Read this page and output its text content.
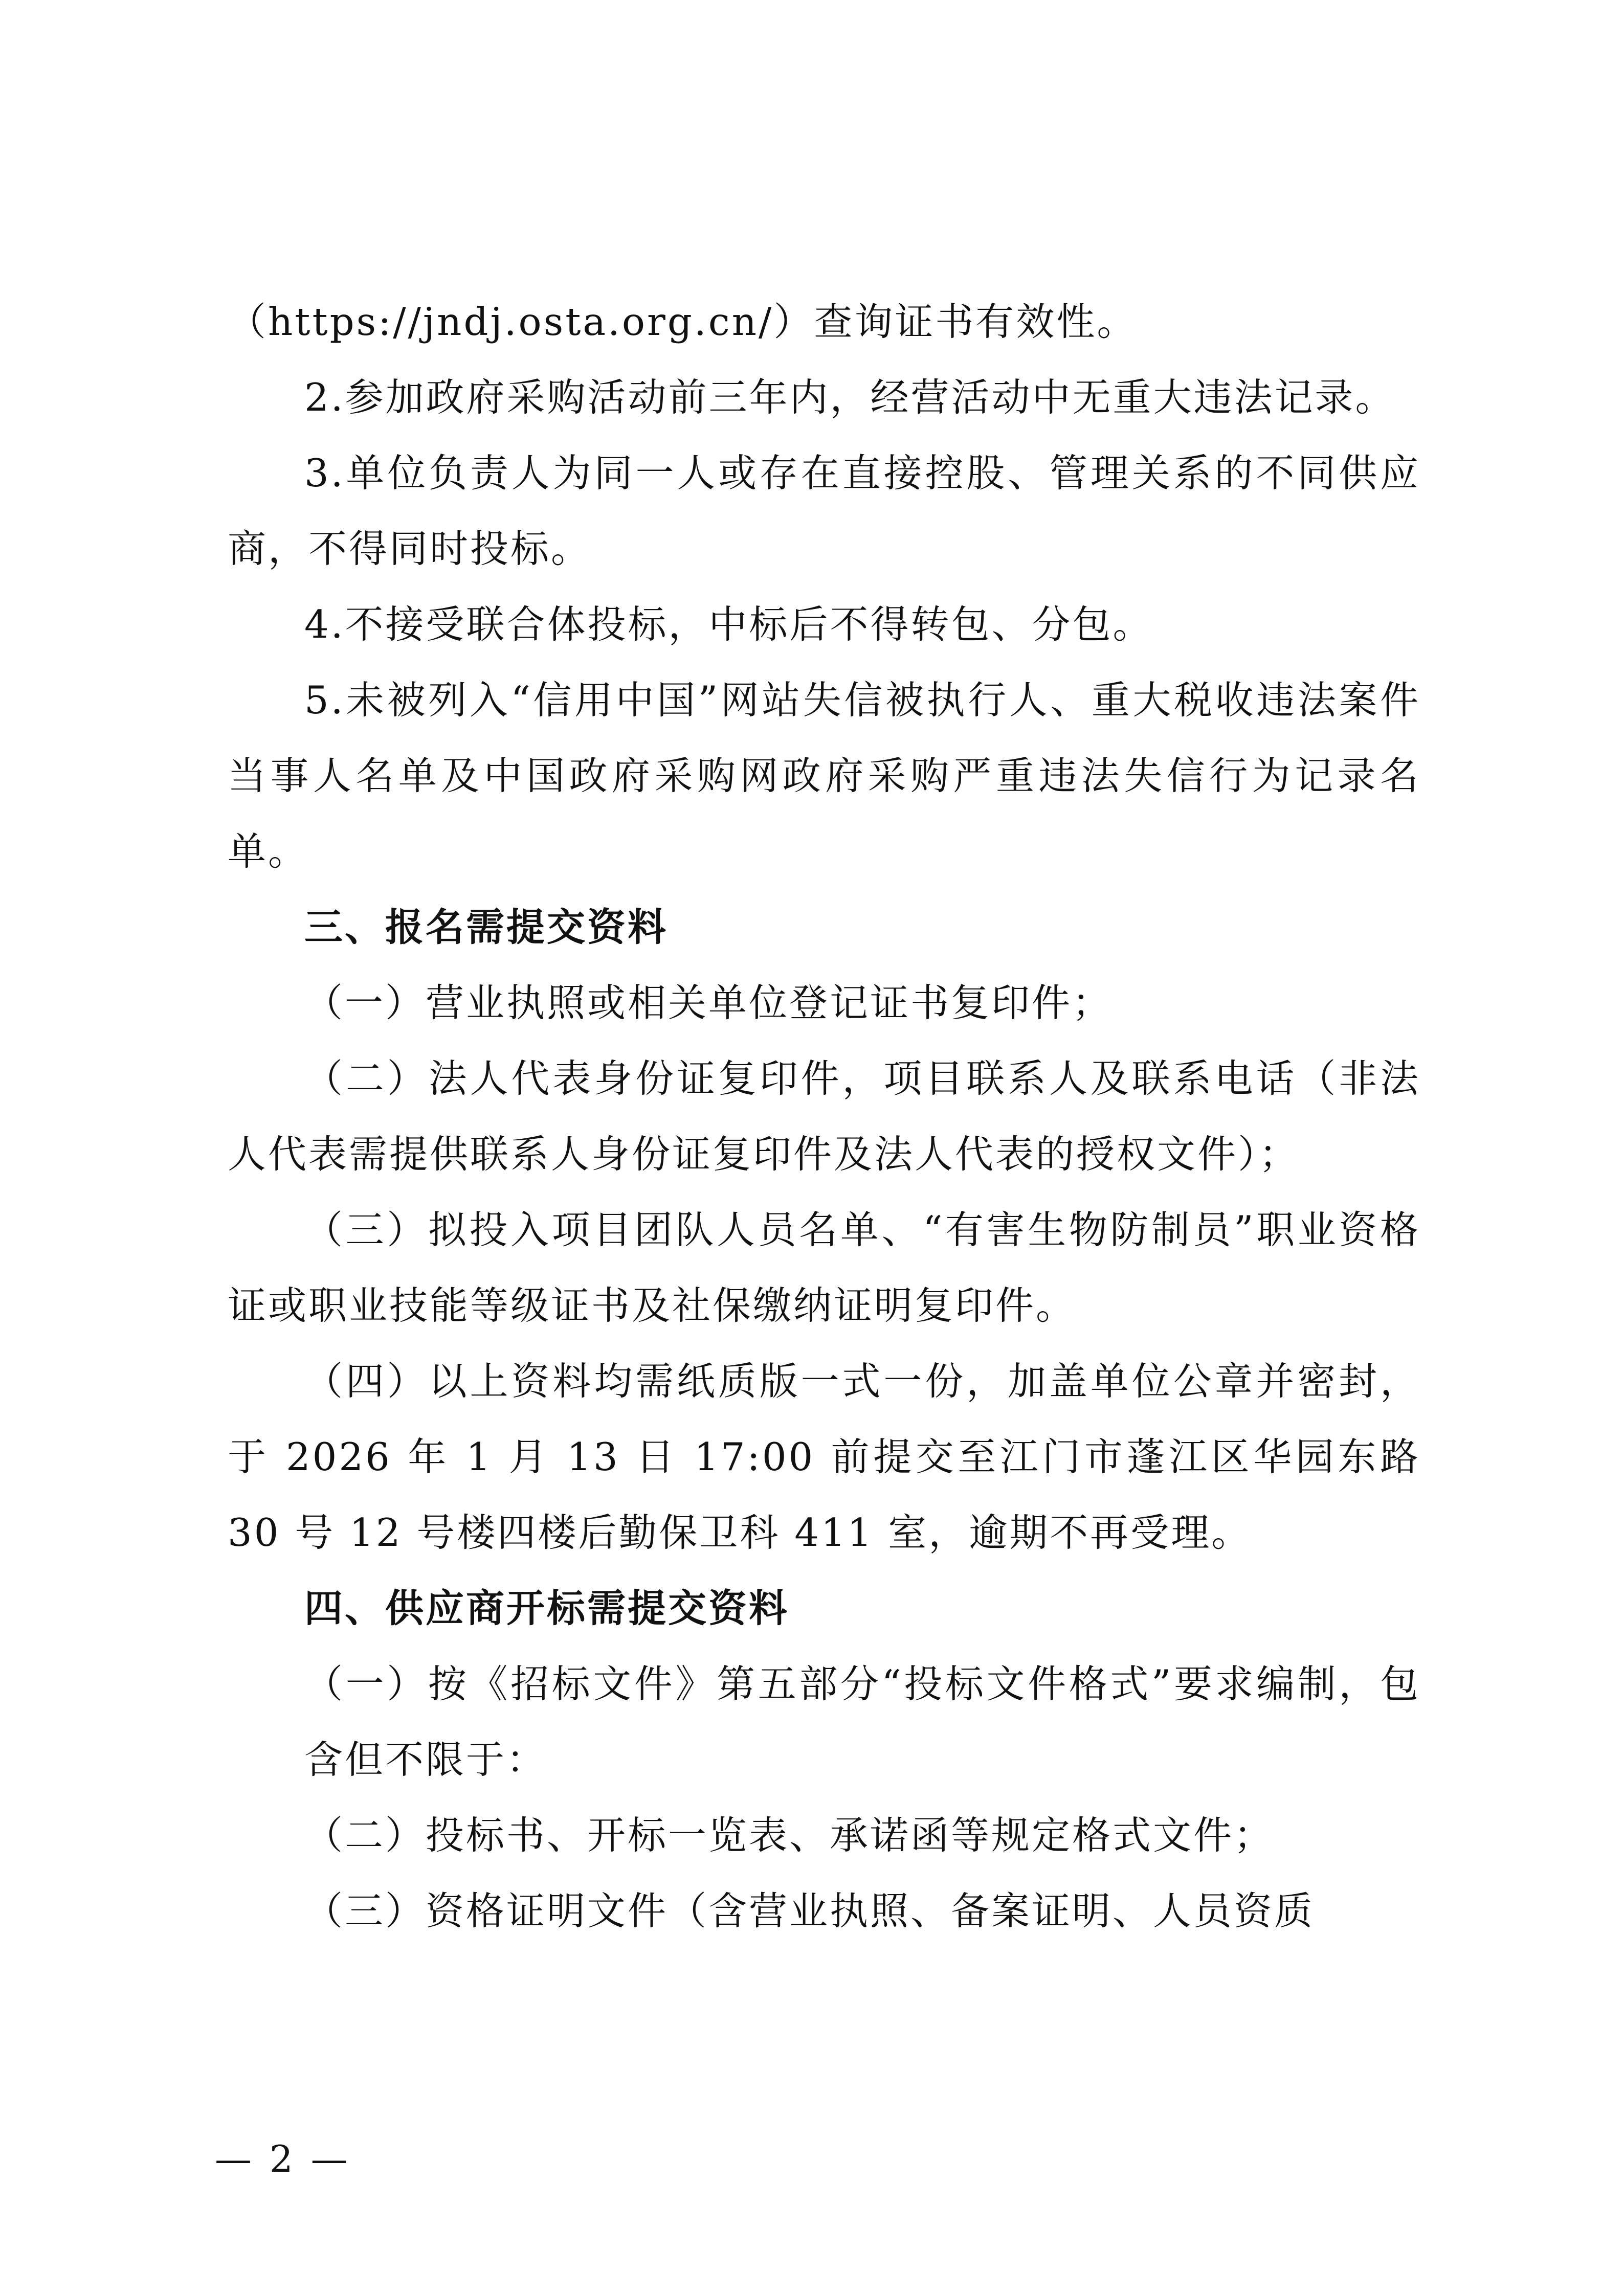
（https://jndj.osta.org.cn/）查询证书有效性。

2.参加政府采购活动前三年内，经营活动中无重大违法记录。

3.单位负责人为同一人或存在直接控股、管理关系的不同供应商，不得同时投标。

4.不接受联合体投标，中标后不得转包、分包。

5.未被列入“信用中国”网站失信被执行人、重大税收违法案件当事人名单及中国政府采购网政府采购严重违法失信行为记录名单。

三、报名需提交资料

（一）营业执照或相关单位登记证书复印件；

（二）法人代表身份证复印件，项目联系人及联系电话（非法人代表需提供联系人身份证复印件及法人代表的授权文件）；

（三）拟投入项目团队人员名单、“有害生物防制员”职业资格证或职业技能等级证书及社保缴纳证明复印件。

（四）以上资料均需纸质版一式一份，加盖单位公章并密封，于 2026 年 1 月 13 日 17:00 前提交至江门市蓬江区华园东路 30 号 12 号楼四楼后勤保卫科 411 室，逾期不再受理。

四、供应商开标需提交资料

（一）按《招标文件》第五部分“投标文件格式”要求编制，包含但不限于：

（二）投标书、开标一览表、承诺函等规定格式文件；

（三）资格证明文件（含营业执照、备案证明、人员资质

— 2 —
